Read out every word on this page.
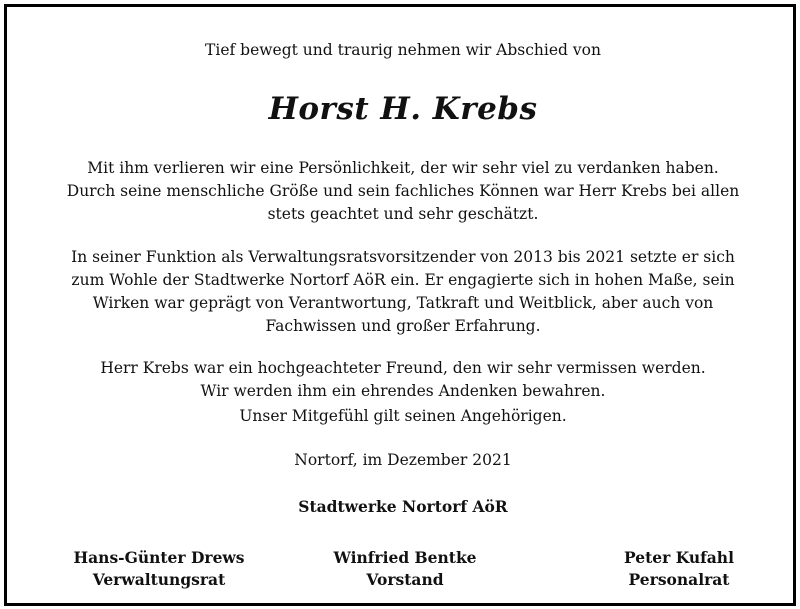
Tief bewegt und traurig nehmen wir Abschied von
Horst H. Krebs
Mit ihm verlieren wir eine Persönlichkeit, der wir sehr viel zu verdanken haben.
Durch seine menschliche Größe und sein fachliches Können war Herr Krebs bei allen
stets geachtet und sehr geschätzt.
In seiner Funktion als Verwaltungsratsvorsitzender von 2013 bis 2021 setzte er sich
zum Wohle der Stadtwerke Nortorf AöR ein. Er engagierte sich in hohen Maße, sein
Wirken war geprägt von Verantwortung, Tatkraft und Weitblick, aber auch von
Fachwissen und großer Erfahrung.
Herr Krebs war ein hochgeachteter Freund, den wir sehr vermissen werden.
Wir werden ihm ein ehrendes Andenken bewahren.
Unser Mitgefühl gilt seinen Angehörigen.
Nortorf, im Dezember 2021
Stadtwerke Nortorf AöR
Hans-Günter Drews
Verwaltungsrat
Winfried Bentke
Vorstand
Peter Kufahl
Personalrat
